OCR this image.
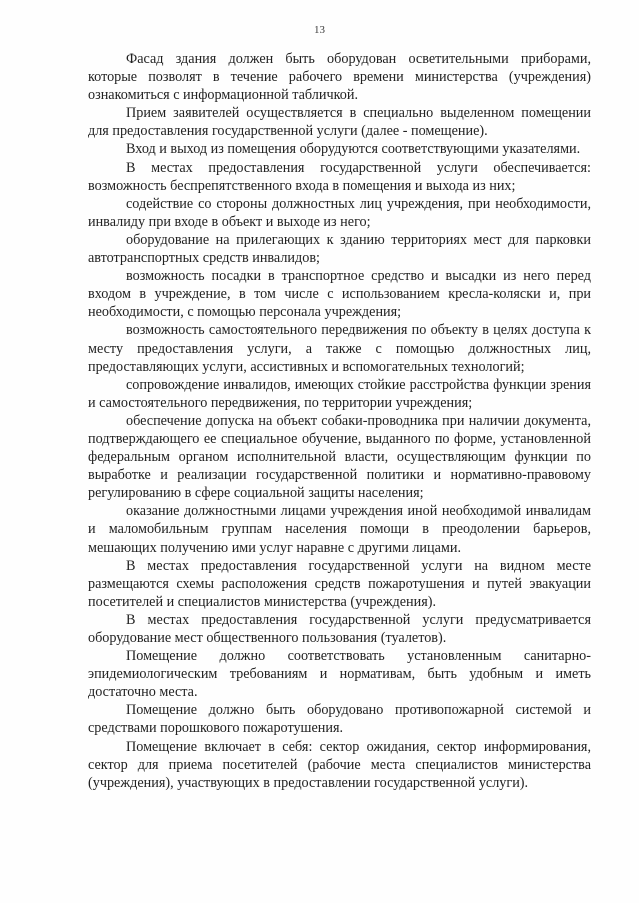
13

Фасад здания должен быть оборудован осветительными приборами, которые позволят в течение рабочего времени министерства (учреждения) ознакомиться с информационной табличкой.

Прием заявителей осуществляется в специально выделенном помещении для предоставления государственной услуги (далее - помещение).

Вход и выход из помещения оборудуются соответствующими указателями.

В местах предоставления государственной услуги обеспечивается: возможность беспрепятственного входа в помещения и выхода из них;

содействие со стороны должностных лиц учреждения, при необходимости, инвалиду при входе в объект и выходе из него;

оборудование на прилегающих к зданию территориях мест для парковки автотранспортных средств инвалидов;

возможность посадки в транспортное средство и высадки из него перед входом в учреждение, в том числе с использованием кресла-коляски и, при необходимости, с помощью персонала учреждения;

возможность самостоятельного передвижения по объекту в целях доступа к месту предоставления услуги, а также с помощью должностных лиц, предоставляющих услуги, ассистивных и вспомогательных технологий;

сопровождение инвалидов, имеющих стойкие расстройства функции зрения и самостоятельного передвижения, по территории учреждения;

обеспечение допуска на объект собаки-проводника при наличии документа, подтверждающего ее специальное обучение, выданного по форме, установленной федеральным органом исполнительной власти, осуществляющим функции по выработке и реализации государственной политики и нормативно-правовому регулированию в сфере социальной защиты населения;

оказание должностными лицами учреждения иной необходимой инвалидам и маломобильным группам населения помощи в преодолении барьеров, мешающих получению ими услуг наравне с другими лицами.

В местах предоставления государственной услуги на видном месте размещаются схемы расположения средств пожаротушения и путей эвакуации посетителей и специалистов министерства (учреждения).

В местах предоставления государственной услуги предусматривается оборудование мест общественного пользования (туалетов).

Помещение должно соответствовать установленным санитарно-эпидемиологическим требованиям и нормативам, быть удобным и иметь достаточно места.

Помещение должно быть оборудовано противопожарной системой и средствами порошкового пожаротушения.

Помещение включает в себя: сектор ожидания, сектор информирования, сектор для приема посетителей (рабочие места специалистов министерства (учреждения), участвующих в предоставлении государственной услуги).
